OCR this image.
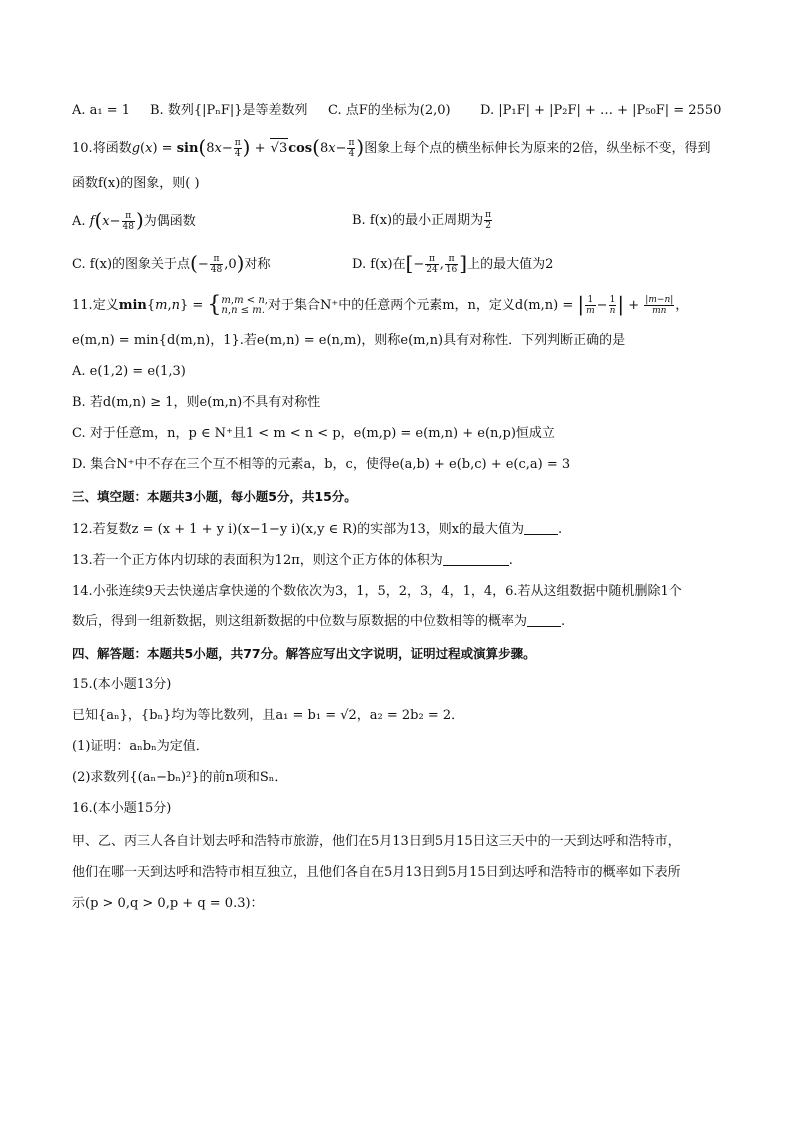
A. a₁ = 1 B. 数列{|PₙF|}是等差数列 C. 点F的坐标为(2,0) D. |P₁F| + |P₂F| + … + |P₅₀F| = 2550
10.将函数$g(x) = \sin(8x- \frac{\pi}{4}$ ) + $√3\cos(8x- \frac{\pi}{4}$ )图象上每个点的横坐标伸长为原来的2倍，纵坐标不变，得到
函数f(x)的图象，则( )
A. $f(x- \frac{\pi}{48}$ )为偶函数	B. f(x)的最小正周期为 $\frac{\pi}{2}$
C. f(x)的图象关于点(− $\frac{\pi}{48} ,0$)对称	D. f(x)在[− $\frac{\pi}{24}$ , $\frac{\pi}{16}$ ]上的最大值为2
11.定义min{m,n} = {m,m < n,
n,n ≤ m. 对于集合N⁺中的任意两个元素m，n，定义d(m,n) = | $\frac{1}{m} - \frac{1}{n}$ | + $\frac{|m-n|}{mn}$ ，
e(m,n) = min{d(m,n)，1}.若e(m,n) = e(n,m)，则称e(m,n)具有对称性．下列判断正确的是
A. e(1,2) = e(1,3)
B. 若d(m,n) ≥ 1，则e(m,n)不具有对称性
C. 对于任意m，n，p ∈ N⁺且1 < m < n < p，e(m,p) = e(m,n) + e(n,p)恒成立
D. 集合N⁺中不存在三个互不相等的元素a，b，c，使得e(a,b) + e(b,c) + e(c,a) = 3
三、填空题：本题共3小题，每小题5分，共15分。
12.若复数z = (x + 1 + y i)(x−1−y i)(x,y ∈ R)的实部为13，则x的最大值为	.
13.若一个正方体内切球的表面积为12π，则这个正方体的体积为	.
14.小张连续9天去快递店拿快递的个数依次为3，1，5，2，3，4，1，4，6.若从这组数据中随机删除1个
数后，得到一组新数据，则这组新数据的中位数与原数据的中位数相等的概率为	.
四、解答题：本题共5小题，共77分。解答应写出文字说明，证明过程或演算步骤。
15.(本小题13分)
已知{aₙ}，{bₙ}均为等比数列，且a₁ = b₁ = √2，a₂ = 2b₂ = 2．
(1)证明：aₙbₙ为定值．
(2)求数列{(aₙ−bₙ)²}的前n项和Sₙ．
16.(本小题15分)
甲、乙、丙三人各自计划去呼和浩特市旅游，他们在5月13日到5月15日这三天中的一天到达呼和浩特市，
他们在哪一天到达呼和浩特市相互独立，且他们各自在5月13日到5月15日到达呼和浩特市的概率如下表所
示(p > 0,q > 0,p + q = 0.3)：
